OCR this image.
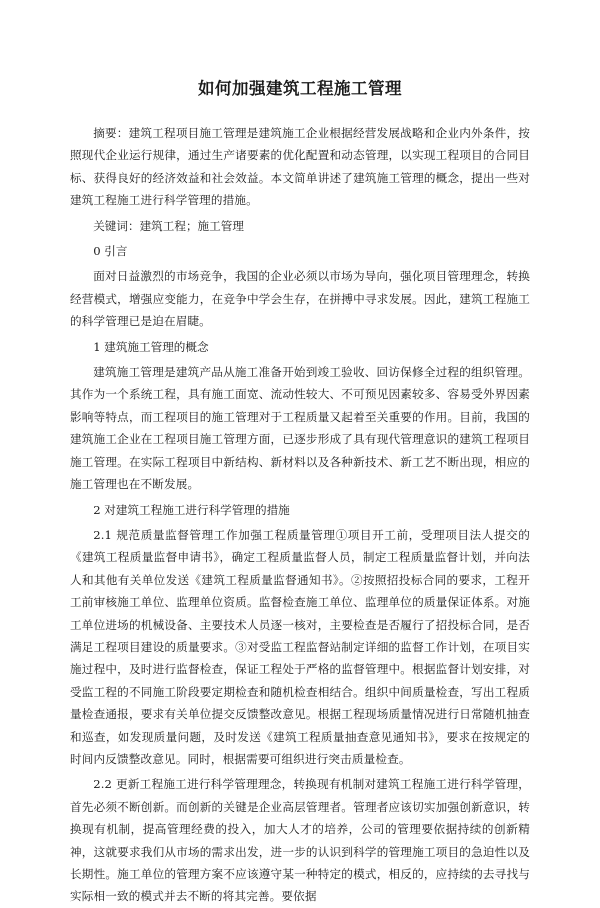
如何加强建筑工程施工管理

摘要：建筑工程项目施工管理是建筑施工企业根据经营发展战略和企业内外条件，按照现代企业运行规律，通过生产诸要素的优化配置和动态管理，以实现工程项目的合同目标、获得良好的经济效益和社会效益。本文简单讲述了建筑施工管理的概念，提出一些对建筑工程施工进行科学管理的措施。

关键词：建筑工程；施工管理

0 引言

面对日益激烈的市场竞争，我国的企业必须以市场为导向，强化项目管理理念，转换经营模式，增强应变能力，在竞争中学会生存，在拼搏中寻求发展。因此，建筑工程施工的科学管理已是迫在眉睫。

1 建筑施工管理的概念

建筑施工管理是建筑产品从施工准备开始到竣工验收、回访保修全过程的组织管理。其作为一个系统工程，具有施工面宽、流动性较大、不可预见因素较多、容易受外界因素影响等特点，而工程项目的施工管理对于工程质量又起着至关重要的作用。目前，我国的建筑施工企业在工程项目施工管理方面，已逐步形成了具有现代管理意识的建筑工程项目施工管理。在实际工程项目中新结构、新材料以及各种新技术、新工艺不断出现，相应的施工管理也在不断发展。

2 对建筑工程施工进行科学管理的措施

2.1 规范质量监督管理工作加强工程质量管理①项目开工前，受理项目法人提交的《建筑工程质量监督申请书》，确定工程质量监督人员，制定工程质量监督计划，并向法人和其他有关单位发送《建筑工程质量监督通知书》。②按照招投标合同的要求，工程开工前审核施工单位、监理单位资质。监督检查施工单位、监理单位的质量保证体系。对施工单位进场的机械设备、主要技术人员逐一核对，主要检查是否履行了招投标合同，是否满足工程项目建设的质量要求。③对受监工程监督站制定详细的监督工作计划，在项目实施过程中，及时进行监督检查，保证工程处于严格的监督管理中。根据监督计划安排，对受监工程的不同施工阶段要定期检查和随机检查相结合。组织中间质量检查，写出工程质量检查通报，要求有关单位提交反馈整改意见。根据工程现场质量情况进行日常随机抽查和巡查，如发现质量问题，及时发送《建筑工程质量抽查意见通知书》，要求在按规定的时间内反馈整改意见。同时，根据需要可组织进行突击质量检查。

2.2 更新工程施工进行科学管理理念，转换现有机制对建筑工程施工进行科学管理，首先必须不断创新。而创新的关键是企业高层管理者。管理者应该切实加强创新意识，转换现有机制，提高管理经费的投入，加大人才的培养，公司的管理要依据持续的创新精神，这就要求我们从市场的需求出发，进一步的认识到科学的管理施工项目的急迫性以及长期性。施工单位的管理方案不应该遵守某一种特定的模式，相反的，应持续的去寻找与实际相一致的模式并去不断的将其完善。要依据
